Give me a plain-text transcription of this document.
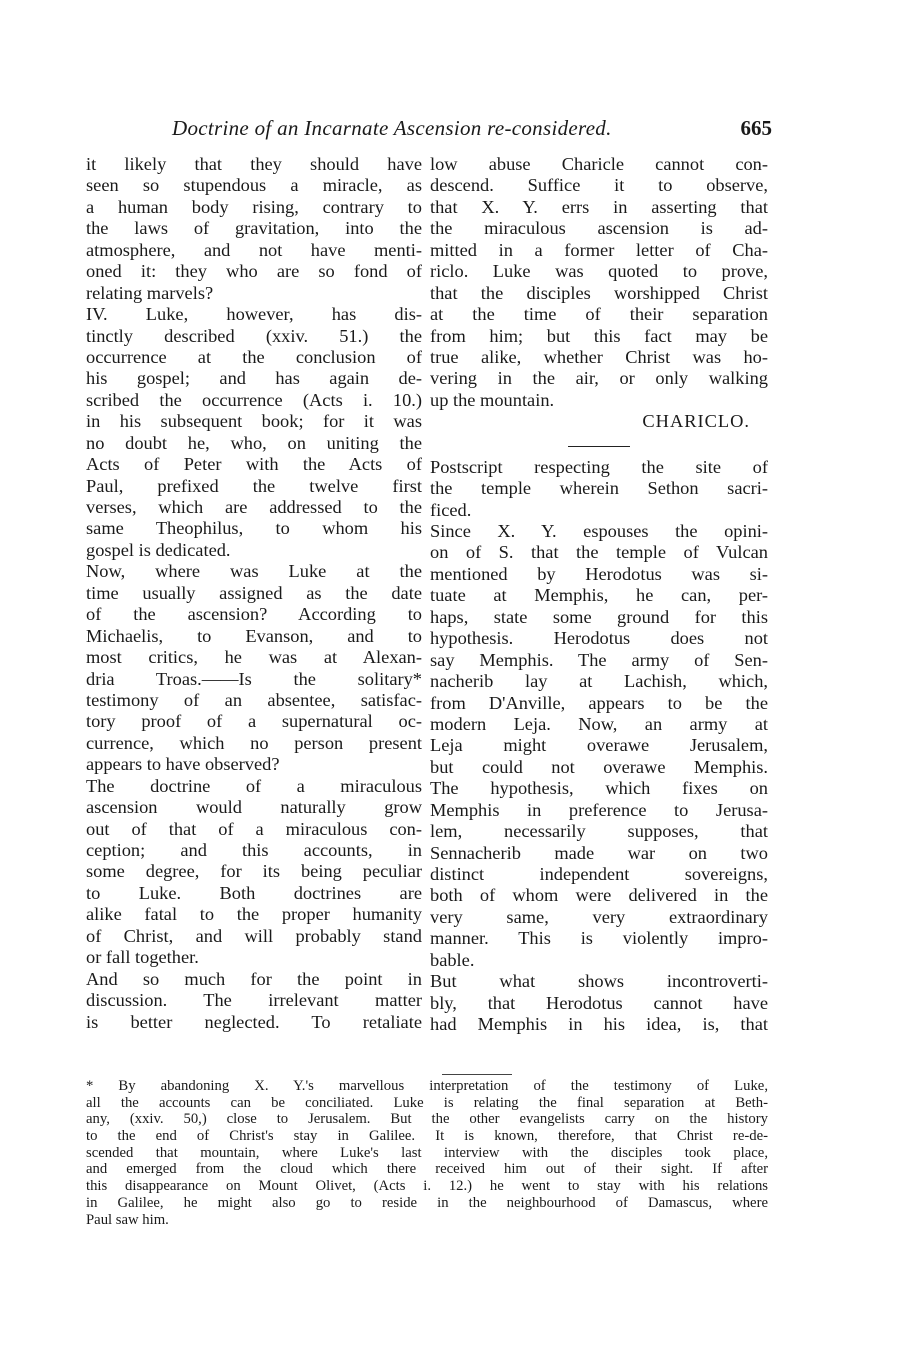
Doctrine of an Incarnate Ascension re-considered.	665
it likely that they should have
seen so stupendous a miracle, as
a human body rising, contrary to
the laws of gravitation, into the
atmosphere, and not have menti-
oned it: they who are so fond of
relating marvels?
IV. Luke, however, has dis-
tinctly described (xxiv. 51.) the
occurrence at the conclusion of
his gospel; and has again de-
scribed the occurrence (Acts i. 10.)
in his subsequent book; for it was
no doubt he, who, on uniting the
Acts of Peter with the Acts of
Paul, prefixed the twelve first
verses, which are addressed to the
same Theophilus, to whom his
gospel is dedicated.
Now, where was Luke at the
time usually assigned as the date
of the ascension? According to
Michaelis, to Evanson, and to
most critics, he was at Alexan-
dria Troas.——Is the solitary*
testimony of an absentee, satisfac-
tory proof of a supernatural oc-
currence, which no person present
appears to have observed?
The doctrine of a miraculous
ascension would naturally grow
out of that of a miraculous con-
ception; and this accounts, in
some degree, for its being peculiar
to Luke. Both doctrines are
alike fatal to the proper humanity
of Christ, and will probably stand
or fall together.
And so much for the point in
discussion. The irrelevant matter
is better neglected. To retaliate
low abuse Charicle cannot con-
descend. Suffice it to observe,
that X. Y. errs in asserting that
the miraculous ascension is ad-
mitted in a former letter of Cha-
riclo. Luke was quoted to prove,
that the disciples worshipped Christ
at the time of their separation
from him; but this fact may be
true alike, whether Christ was ho-
vering in the air, or only walking
up the mountain.
CHARICLO.
Postscript respecting the site of
the temple wherein Sethon sacri-
ficed.
Since X. Y. espouses the opini-
on of S. that the temple of Vulcan
mentioned by Herodotus was si-
tuate at Memphis, he can, per-
haps, state some ground for this
hypothesis. Herodotus does not
say Memphis. The army of Sen-
nacherib lay at Lachish, which,
from D'Anville, appears to be the
modern Leja. Now, an army at
Leja might overawe Jerusalem,
but could not overawe Memphis.
The hypothesis, which fixes on
Memphis in preference to Jerusa-
lem, necessarily supposes, that
Sennacherib made war on two
distinct independent sovereigns,
both of whom were delivered in the
very same, very extraordinary
manner. This is violently impro-
bable.
But what shows incontroverti-
bly, that Herodotus cannot have
had Memphis in his idea, is, that
* By abandoning X. Y.'s marvellous interpretation of the testimony of Luke,
all the accounts can be conciliated. Luke is relating the final separation at Beth-
any, (xxiv. 50,) close to Jerusalem. But the other evangelists carry on the history
to the end of Christ's stay in Galilee. It is known, therefore, that Christ re-de-
scended that mountain, where Luke's last interview with the disciples took place,
and emerged from the cloud which there received him out of their sight. If after
this disappearance on Mount Olivet, (Acts i. 12.) he went to stay with his relations
in Galilee, he might also go to reside in the neighbourhood of Damascus, where
Paul saw him.
